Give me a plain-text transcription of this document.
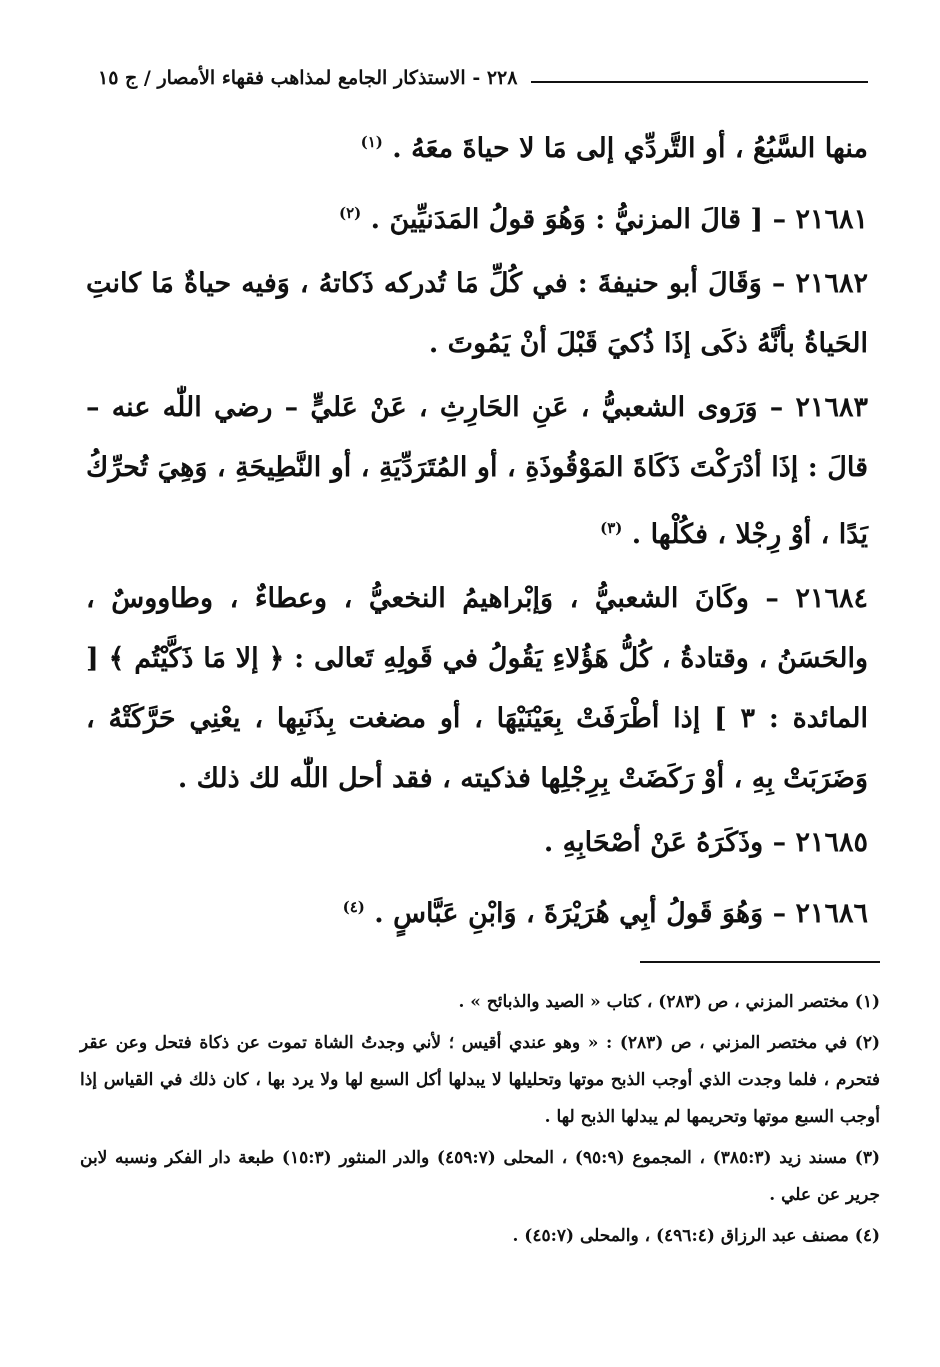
٢٢٨ - الاستذكار الجامع لمذاهب فقهاء الأمصار / ج ١٥

منها السَّبُعُ ، أو التَّردِّي إلى مَا لا حياةَ معَهُ . $^{(١)}$

٢١٦٨١ – [ قالَ المزنيُّ : وَهُوَ قولُ المَدَنيِّينَ . $^{(٢)}$

٢١٦٨٢ – وَقَالَ أبو حنيفةَ : في كُلِّ مَا تُدركه ذَكاتهُ ، وَفيه حياةٌ مَا كانتِ الحَياةُ بأنَّهُ ذكَى إذَا ذُكيَ قَبْلَ أنْ يَمُوتَ .

٢١٦٨٣ – وَرَوى الشعبيُّ ، عَنِ الحَارِثِ ، عَنْ عَليٍّ – رضي اللّٰه عنه – قالَ : إذَا أدْرَكْتَ ذَكَاةَ المَوْقُوذَةِ ، أو المُتَرَدِّيَةِ ، أو النَّطِيحَةِ ، وَهِيَ تُحرِّكُ يَدًا ، أوْ رِجْلا ، فكُلْها . $^{(٣)}$

٢١٦٨٤ – وكَانَ الشعبيُّ ، وَإبْراهيمُ النخعيُّ ، وعطاءٌ ، وطاووسٌ ، والحَسَنُ ، وقتادةُ ، كُلُّ هَؤُلاءِ يَقُولُ في قَولِهِ تَعالى : ﴿ إلا مَا ذَكَّيْتُم ﴾ [ المائدة : ٣ ] إذا أطْرَفَتْ بِعَيْنَيْهَا ، أو مضغت بِذَنَبِها ، يعْنِي حَرَّكَتْهُ ، وَضَرَبَتْ بِهِ ، أوْ رَكَضَتْ بِرِجْلِها فذكيته ، فقد أحل اللّٰه لك ذلك .

٢١٦٨٥ – وذَكَرَهُ عَنْ أصْحَابِهِ .

٢١٦٨٦ – وَهُوَ قَولُ أبِي هُرَيْرَةَ ، وَابْنِ عَبَّاسٍ . $^{(٤)}$

(١) مختصر المزني ، ص (٢٨٣) ، كتاب « الصيد والذبائح » .

(٢) في مختصر المزني ، ص (٢٨٣) : « وهو عندي أقيس ؛ لأني وجدتُ الشاة تموت عن ذكاة فتحل وعن عقر فتحرم ، فلما وجدت الذي أوجب الذبح موتها وتحليلها لا يبدلها أكل السبع لها ولا يرد بها ، كان ذلك في القياس إذا أوجب السبع موتها وتحريمها لم يبدلها الذبح لها .

(٣) مسند زيد (٣٨٥:٣) ، المجموع (٩٥:٩) ، المحلى (٤٥٩:٧) والدر المنثور (١٥:٣) طبعة دار الفكر ونسبه لابن جرير عن علي .

(٤) مصنف عبد الرزاق (٤٩٦:٤) ، والمحلى (٤٥:٧) .
